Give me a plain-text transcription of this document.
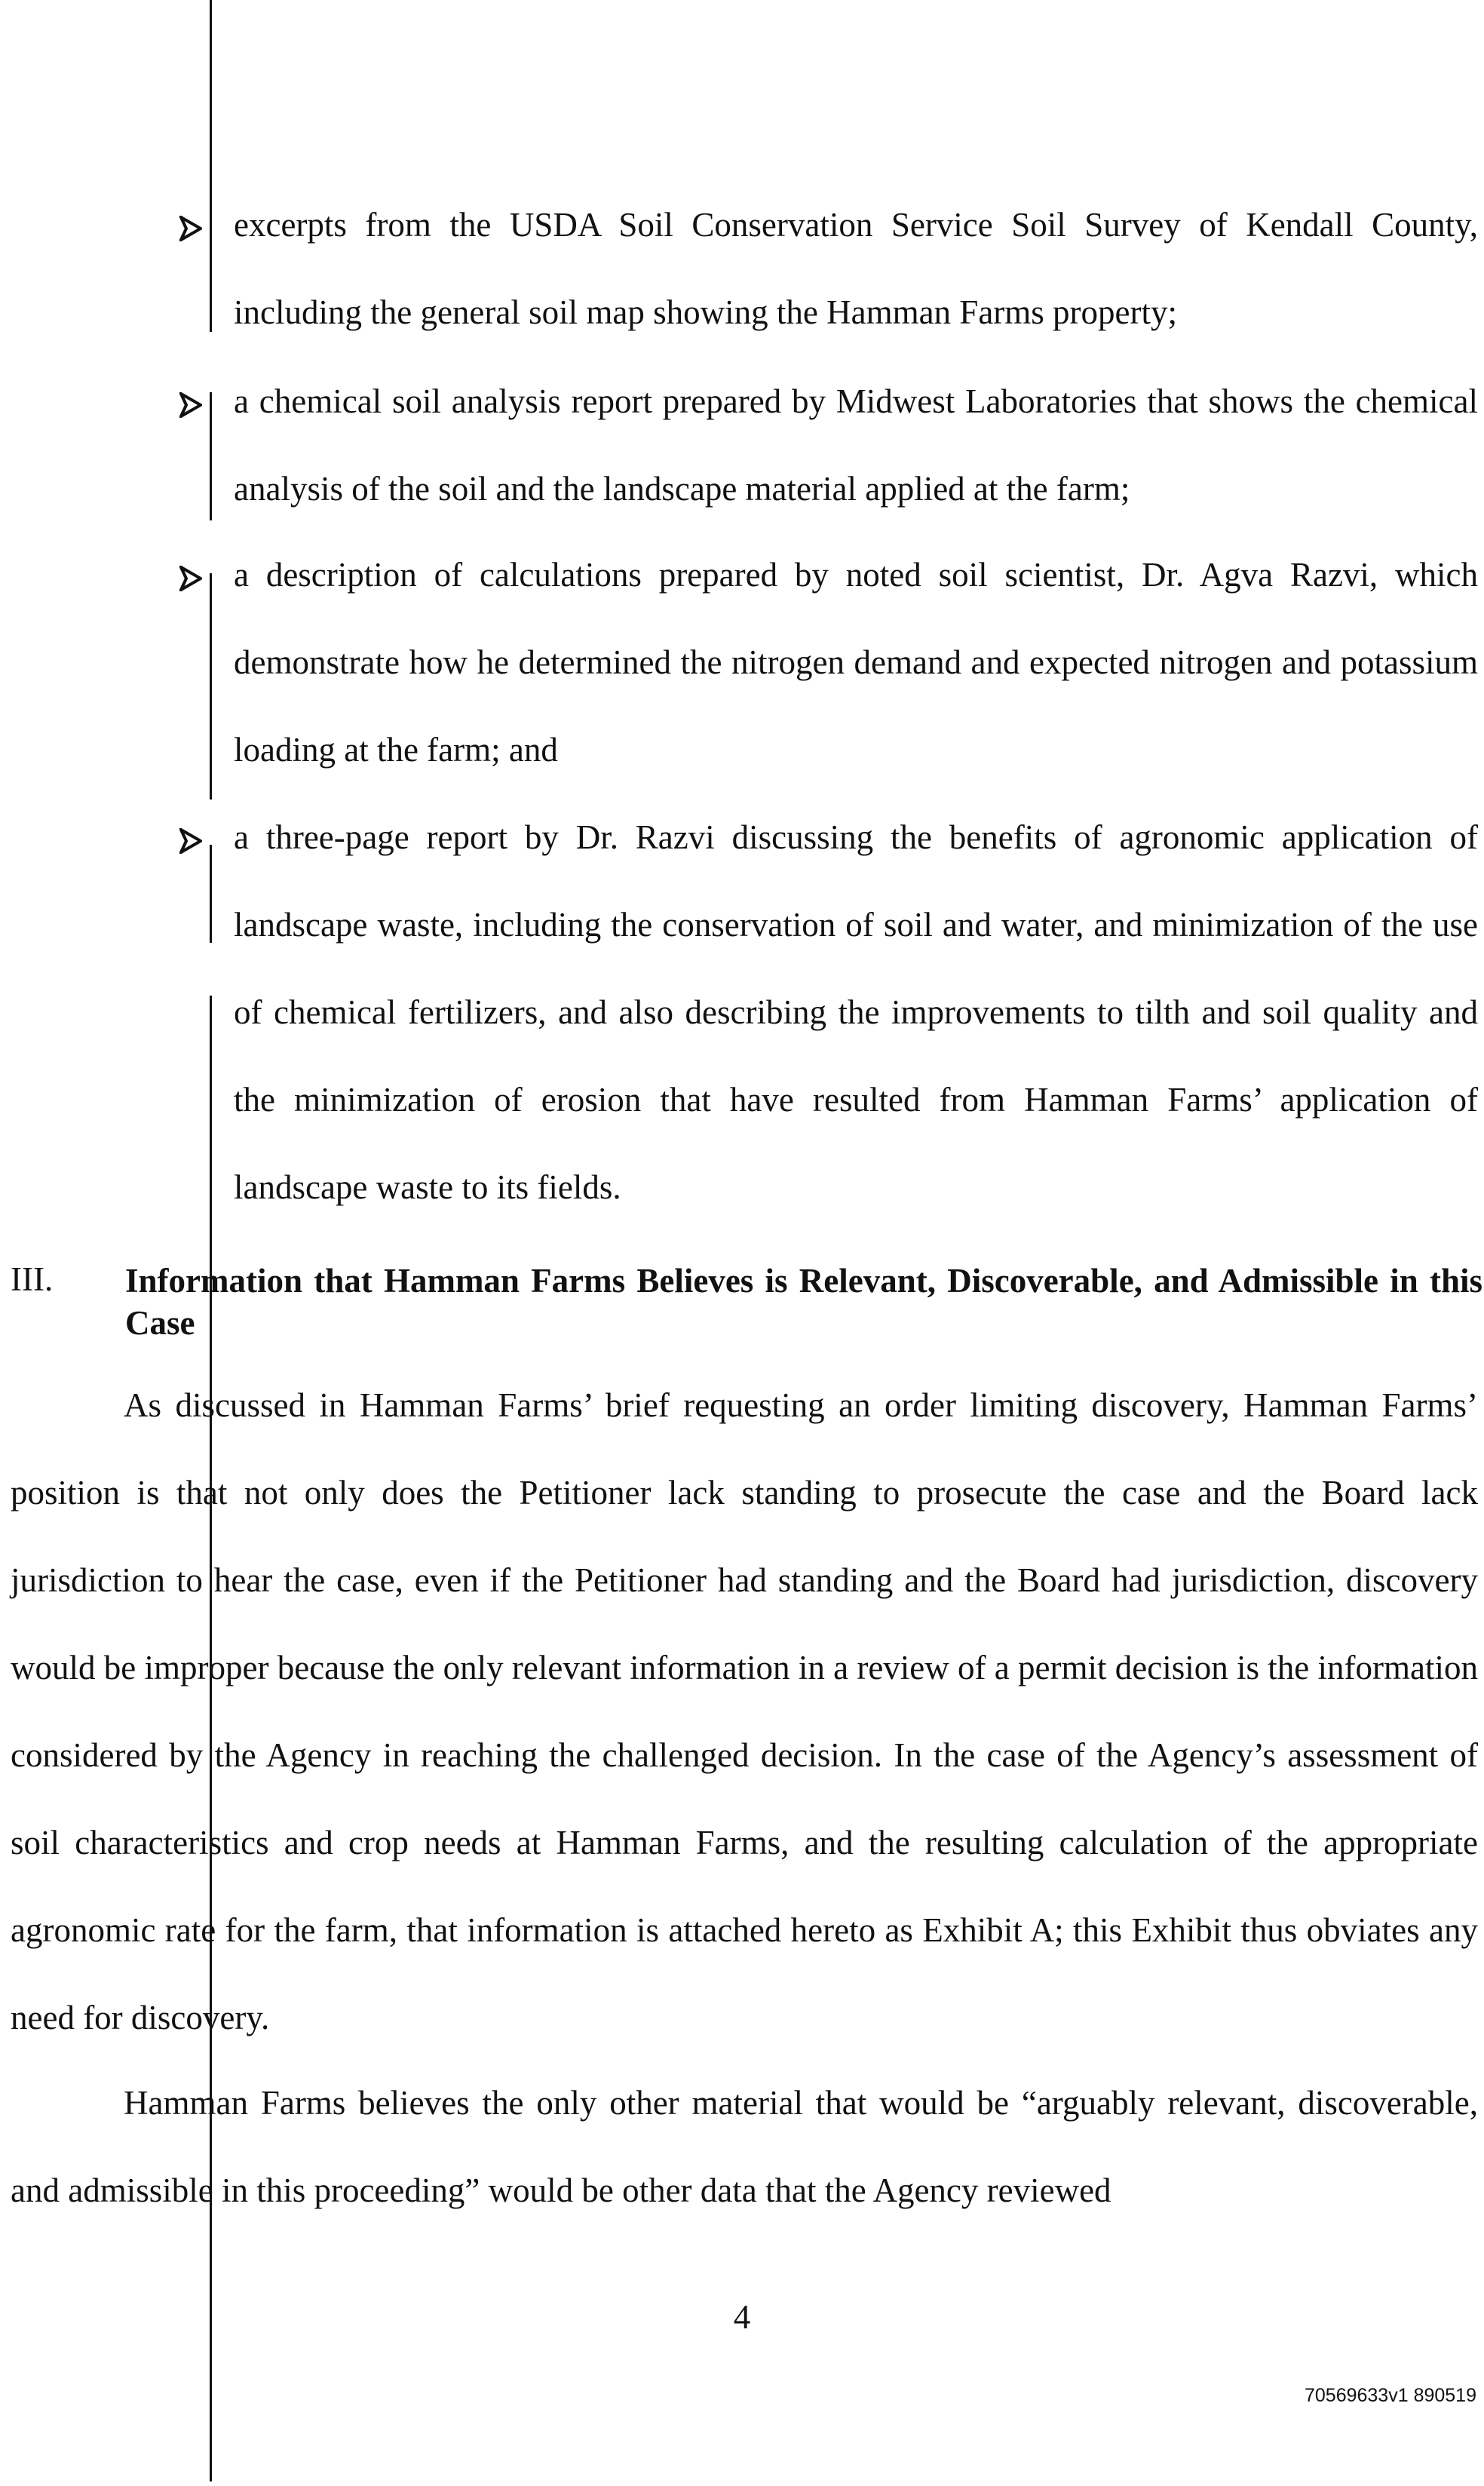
excerpts from the USDA Soil Conservation Service Soil Survey of Kendall County, including the general soil map showing the Hamman Farms property;
a chemical soil analysis report prepared by Midwest Laboratories that shows the chemical analysis of the soil and the landscape material applied at the farm;
a description of calculations prepared by noted soil scientist, Dr. Agva Razvi, which demonstrate how he determined the nitrogen demand and expected nitrogen and potassium loading at the farm; and
a three-page report by Dr. Razvi discussing the benefits of agronomic application of landscape waste, including the conservation of soil and water, and minimization of the use of chemical fertilizers, and also describing the improvements to tilth and soil quality and the minimization of erosion that have resulted from Hamman Farms’ application of landscape waste to its fields.
III. Information that Hamman Farms Believes is Relevant, Discoverable, and Admissible in this Case
As discussed in Hamman Farms’ brief requesting an order limiting discovery, Hamman Farms’ position is that not only does the Petitioner lack standing to prosecute the case and the Board lack jurisdiction to hear the case, even if the Petitioner had standing and the Board had jurisdiction, discovery would be improper because the only relevant information in a review of a permit decision is the information considered by the Agency in reaching the challenged decision. In the case of the Agency’s assessment of soil characteristics and crop needs at Hamman Farms, and the resulting calculation of the appropriate agronomic rate for the farm, that information is attached hereto as Exhibit A; this Exhibit thus obviates any need for discovery.
Hamman Farms believes the only other material that would be “arguably relevant, discoverable, and admissible in this proceeding” would be other data that the Agency reviewed
4
70569633v1 890519
